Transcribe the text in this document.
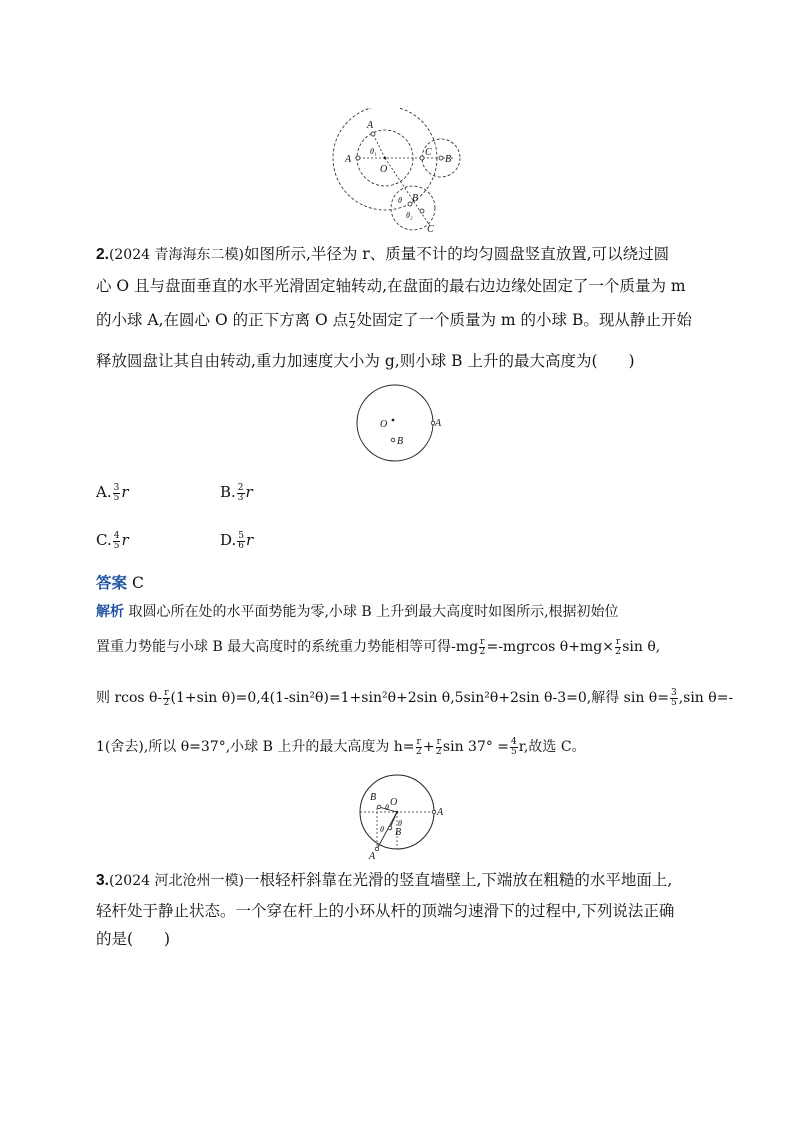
A
A
O
C
B
θ₁
B
θ
θ₂
C
2.(2024 青海海东二模)如图所示,半径为 r、质量不计的均匀圆盘竖直放置,可以绕过圆
心 O 且与盘面垂直的水平光滑固定轴转动,在盘面的最右边边缘处固定了一个质量为 m
的小球 A,在圆心 O 的正下方离 O 点 $\frac{r}{2}$ 处固定了一个质量为 m 的小球 B。现从静止开始
释放圆盘让其自由转动,重力加速度大小为 g,则小球 B 上升的最大高度为(　　)
O
B
A
A. $\frac{3}{5}$ r	B. $\frac{2}{3}$ r
C. $\frac{4}{5}$ r	D. $\frac{5}{6}$ r
答案 C
解析 取圆心所在处的水平面势能为零,小球 B 上升到最大高度时如图所示,根据初始位
置重力势能与小球 B 最大高度时的系统重力势能相等可得$-mg \frac{r}{2} =-mgrcos$ $\theta+mg\times \frac{r}{2}$ sin θ,
则 rcos $\theta- \frac{r}{2} (1+\sin$ θ)=0,4(1-sin²θ)=1+sin²θ+2sin θ,5sin²θ+2sin θ-3=0,解得 $\sin \theta= \frac{3}{5} ,\sin$ θ=-
1(舍去),所以 θ=37°,小球 B 上升的最大高度为 $h= \frac{r}{2} + \frac{r}{2}$ $\sin 37^\circ = \frac{4}{5} r$,故选 C。
B
θ O
A
θ
B
θ
A
3.(2024 河北沧州一模)一根轻杆斜靠在光滑的竖直墙壁上,下端放在粗糙的水平地面上,
轻杆处于静止状态。一个穿在杆上的小环从杆的顶端匀速滑下的过程中,下列说法正确
的是(　　)
